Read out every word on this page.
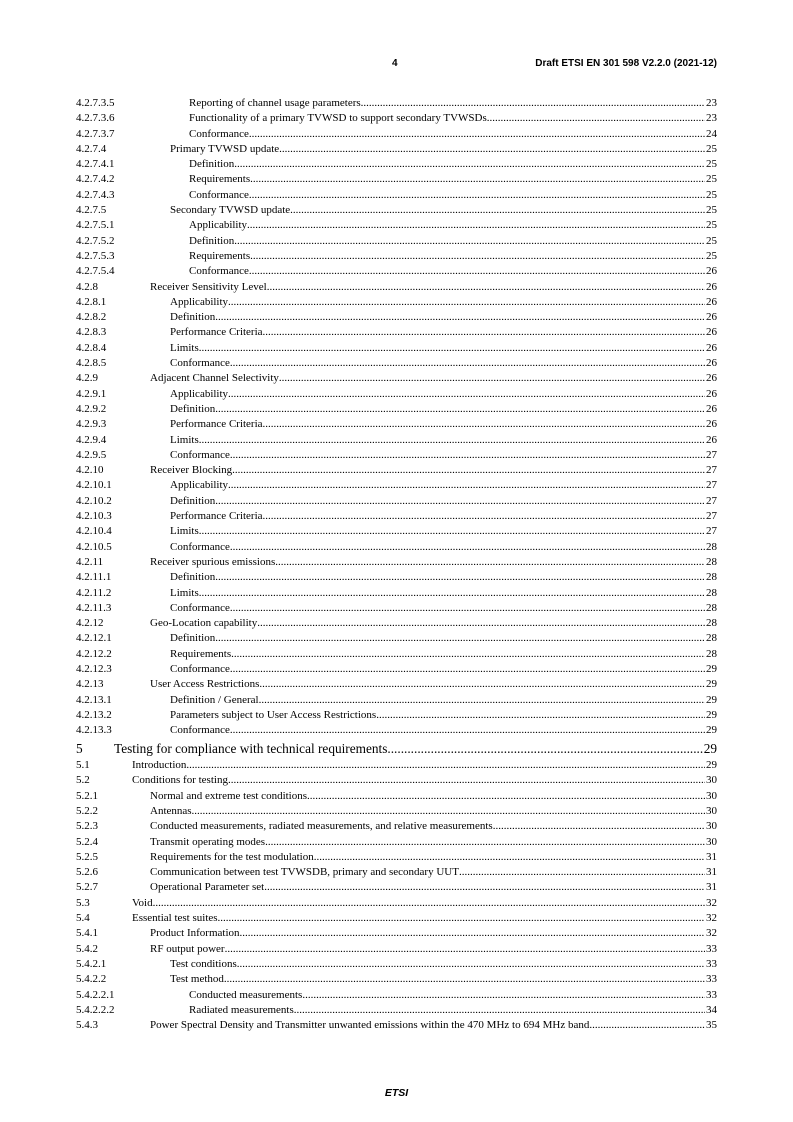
4	Draft ETSI EN 301 598 V2.2.0 (2021-12)
4.2.7.3.5	Reporting of channel usage parameters .....	23
4.2.7.3.6	Functionality of a primary TVWSD to support secondary TVWSDs .....	23
4.2.7.3.7	Conformance .....	24
4.2.7.4	Primary TVWSD update .....	25
4.2.7.4.1	Definition .....	25
4.2.7.4.2	Requirements .....	25
4.2.7.4.3	Conformance .....	25
4.2.7.5	Secondary TVWSD update .....	25
4.2.7.5.1	Applicability .....	25
4.2.7.5.2	Definition .....	25
4.2.7.5.3	Requirements .....	25
4.2.7.5.4	Conformance .....	26
4.2.8	Receiver Sensitivity Level .....	26
4.2.8.1	Applicability .....	26
4.2.8.2	Definition .....	26
4.2.8.3	Performance Criteria .....	26
4.2.8.4	Limits .....	26
4.2.8.5	Conformance .....	26
4.2.9	Adjacent Channel Selectivity .....	26
4.2.9.1	Applicability .....	26
4.2.9.2	Definition .....	26
4.2.9.3	Performance Criteria .....	26
4.2.9.4	Limits .....	26
4.2.9.5	Conformance .....	27
4.2.10	Receiver Blocking .....	27
4.2.10.1	Applicability .....	27
4.2.10.2	Definition .....	27
4.2.10.3	Performance Criteria .....	27
4.2.10.4	Limits .....	27
4.2.10.5	Conformance .....	28
4.2.11	Receiver spurious emissions .....	28
4.2.11.1	Definition .....	28
4.2.11.2	Limits .....	28
4.2.11.3	Conformance .....	28
4.2.12	Geo-Location capability .....	28
4.2.12.1	Definition .....	28
4.2.12.2	Requirements .....	28
4.2.12.3	Conformance .....	29
4.2.13	User Access Restrictions .....	29
4.2.13.1	Definition / General .....	29
4.2.13.2	Parameters subject to User Access Restrictions .....	29
4.2.13.3	Conformance .....	29
5 Testing for compliance with technical requirements .....	29
5.1	Introduction .....	29
5.2	Conditions for testing .....	30
5.2.1	Normal and extreme test conditions .....	30
5.2.2	Antennas .....	30
5.2.3	Conducted measurements, radiated measurements, and relative measurements .....	30
5.2.4	Transmit operating modes .....	30
5.2.5	Requirements for the test modulation .....	31
5.2.6	Communication between test TVWSDB, primary and secondary UUT .....	31
5.2.7	Operational Parameter set .....	31
5.3	Void .....	32
5.4	Essential test suites .....	32
5.4.1	Product Information .....	32
5.4.2	RF output power .....	33
5.4.2.1	Test conditions .....	33
5.4.2.2	Test method .....	33
5.4.2.2.1	Conducted measurements .....	33
5.4.2.2.2	Radiated measurements .....	34
5.4.3	Power Spectral Density and Transmitter unwanted emissions within the 470 MHz to 694 MHz band .....	35
ETSI
